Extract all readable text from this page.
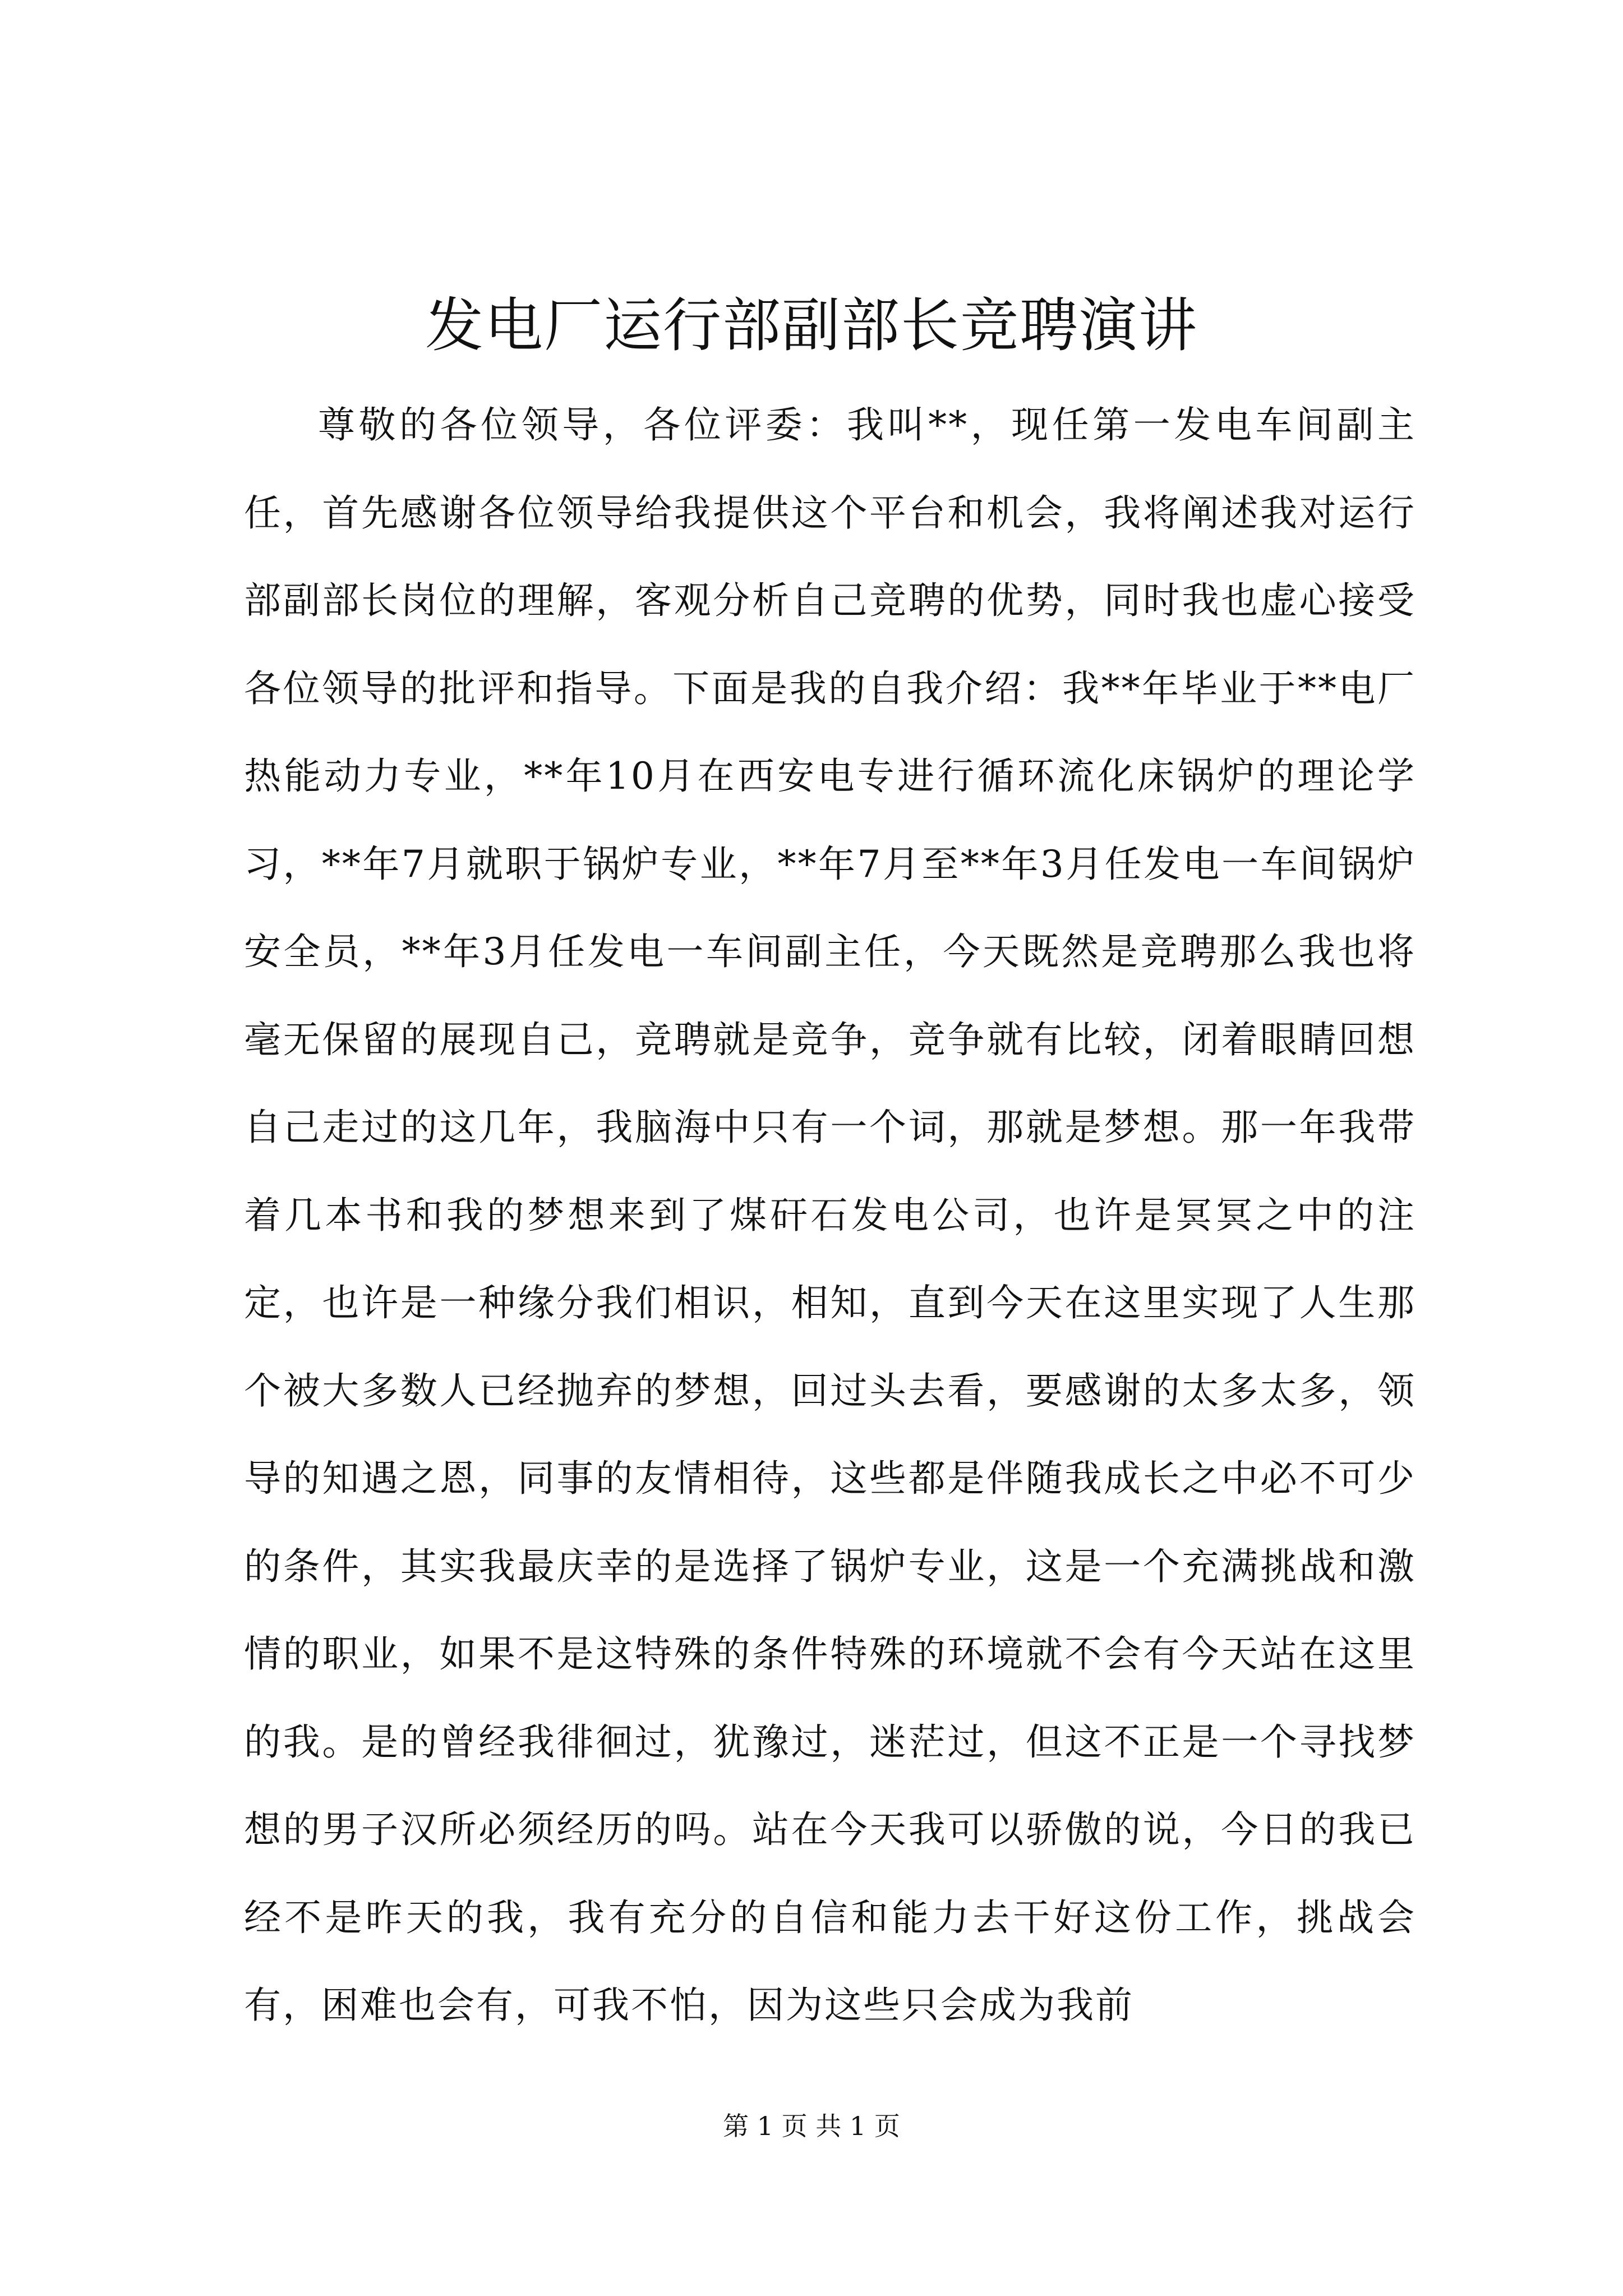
发电厂运行部副部长竞聘演讲

尊敬的各位领导，各位评委：我叫**，现任第一发电车间副主任，首先感谢各位领导给我提供这个平台和机会，我将阐述我对运行部副部长岗位的理解，客观分析自己竞聘的优势，同时我也虚心接受各位领导的批评和指导。下面是我的自我介绍：我**年毕业于**电厂热能动力专业，**年10月在西安电专进行循环流化床锅炉的理论学习，**年7月就职于锅炉专业，**年7月至**年3月任发电一车间锅炉安全员，**年3月任发电一车间副主任，今天既然是竞聘那么我也将毫无保留的展现自己，竞聘就是竞争，竞争就有比较，闭着眼睛回想自己走过的这几年，我脑海中只有一个词，那就是梦想。那一年我带着几本书和我的梦想来到了煤矸石发电公司，也许是冥冥之中的注定，也许是一种缘分我们相识，相知，直到今天在这里实现了人生那个被大多数人已经抛弃的梦想，回过头去看，要感谢的太多太多，领导的知遇之恩，同事的友情相待，这些都是伴随我成长之中必不可少的条件，其实我最庆幸的是选择了锅炉专业，这是一个充满挑战和激情的职业，如果不是这特殊的条件特殊的环境就不会有今天站在这里的我。是的曾经我徘徊过，犹豫过，迷茫过，但这不正是一个寻找梦想的男子汉所必须经历的吗。站在今天我可以骄傲的说，今日的我已经不是昨天的我，我有充分的自信和能力去干好这份工作，挑战会有，困难也会有，可我不怕，因为这些只会成为我前

第 1 页 共 1 页
